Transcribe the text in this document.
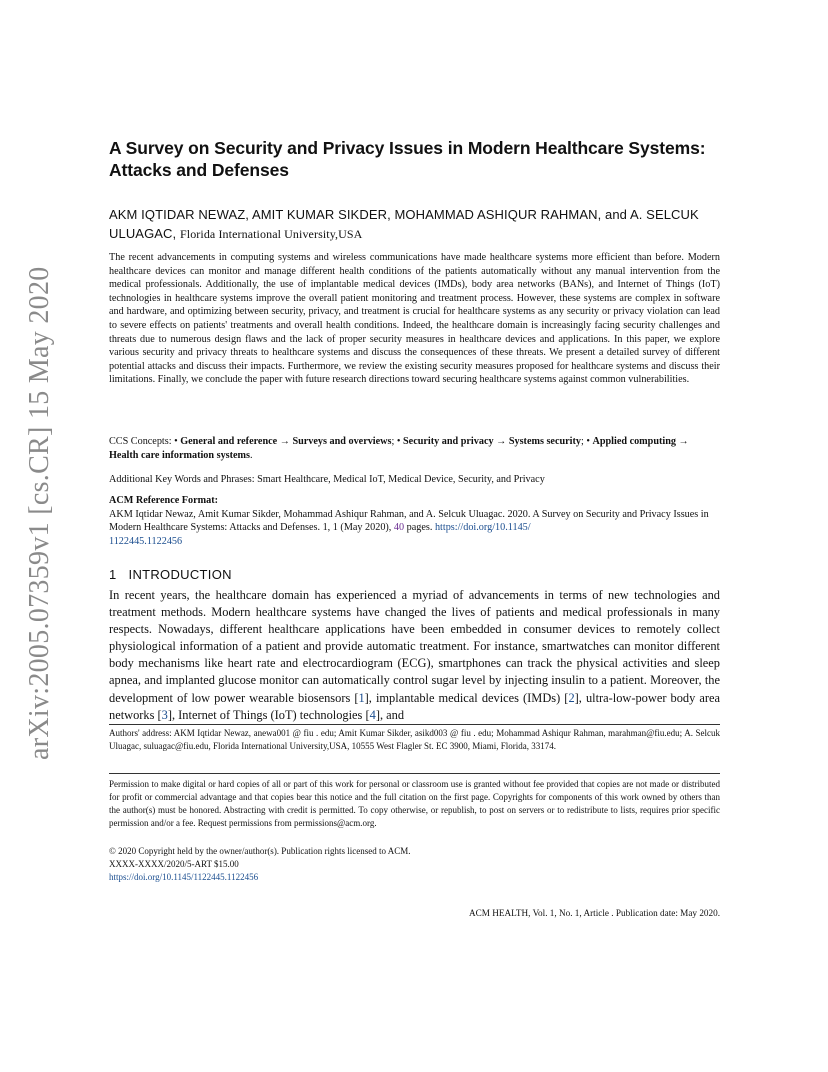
arXiv:2005.07359v1 [cs.CR] 15 May 2020
A Survey on Security and Privacy Issues in Modern Healthcare Systems: Attacks and Defenses
AKM IQTIDAR NEWAZ, AMIT KUMAR SIKDER, MOHAMMAD ASHIQUR RAHMAN, and A. SELCUK ULUAGAC, Florida International University,USA

The recent advancements in computing systems and wireless communications have made healthcare systems more efficient than before. Modern healthcare devices can monitor and manage different health conditions of the patients automatically without any manual intervention from the medical professionals. Additionally, the use of implantable medical devices (IMDs), body area networks (BANs), and Internet of Things (IoT) technologies in healthcare systems improve the overall patient monitoring and treatment process. However, these systems are complex in software and hardware, and optimizing between security, privacy, and treatment is crucial for healthcare systems as any security or privacy violation can lead to severe effects on patients' treatments and overall health conditions. Indeed, the healthcare domain is increasingly facing security challenges and threats due to numerous design flaws and the lack of proper security measures in healthcare devices and applications. In this paper, we explore various security and privacy threats to healthcare systems and discuss the consequences of these threats. We present a detailed survey of different potential attacks and discuss their impacts. Furthermore, we review the existing security measures proposed for healthcare systems and discuss their limitations. Finally, we conclude the paper with future research directions toward securing healthcare systems against common vulnerabilities.

CCS Concepts: • General and reference → Surveys and overviews; • Security and privacy → Systems security; • Applied computing → Health care information systems.

Additional Key Words and Phrases: Smart Healthcare, Medical IoT, Medical Device, Security, and Privacy

ACM Reference Format:
AKM Iqtidar Newaz, Amit Kumar Sikder, Mohammad Ashiqur Rahman, and A. Selcuk Uluagac. 2020. A Survey on Security and Privacy Issues in Modern Healthcare Systems: Attacks and Defenses. 1, 1 (May 2020), 40 pages. https://doi.org/10.1145/
1122445.1122456
1 INTRODUCTION

In recent years, the healthcare domain has experienced a myriad of advancements in terms of new technologies and treatment methods. Modern healthcare systems have changed the lives of patients and medical professionals in many respects. Nowadays, different healthcare applications have been embedded in consumer devices to remotely collect physiological information of a patient and provide automatic treatment. For instance, smartwatches can monitor different body mechanisms like heart rate and electrocardiogram (ECG), smartphones can track the physical activities and sleep apnea, and implanted glucose monitor can automatically control sugar level by injecting insulin to a patient. Moreover, the development of low power wearable biosensors [1], implantable medical devices (IMDs) [2], ultra-low-power body area networks [3], Internet of Things (IoT) technologies [4], and

Authors' address: AKM Iqtidar Newaz, anewa001 @ fiu . edu; Amit Kumar Sikder, asikd003 @ fiu . edu; Mohammad Ashiqur Rahman, marahman@fiu.edu; A. Selcuk Uluagac, suluagac@fiu.edu, Florida International University,USA, 10555 West Flagler St. EC 3900, Miami, Florida, 33174.

Permission to make digital or hard copies of all or part of this work for personal or classroom use is granted without fee provided that copies are not made or distributed for profit or commercial advantage and that copies bear this notice and the full citation on the first page. Copyrights for components of this work owned by others than the author(s) must be honored. Abstracting with credit is permitted. To copy otherwise, or republish, to post on servers or to redistribute to lists, requires prior specific permission and/or a fee. Request permissions from permissions@acm.org.

© 2020 Copyright held by the owner/author(s). Publication rights licensed to ACM.
XXXX-XXXX/2020/5-ART $15.00
https://doi.org/10.1145/1122445.1122456
ACM HEALTH, Vol. 1, No. 1, Article . Publication date: May 2020.
